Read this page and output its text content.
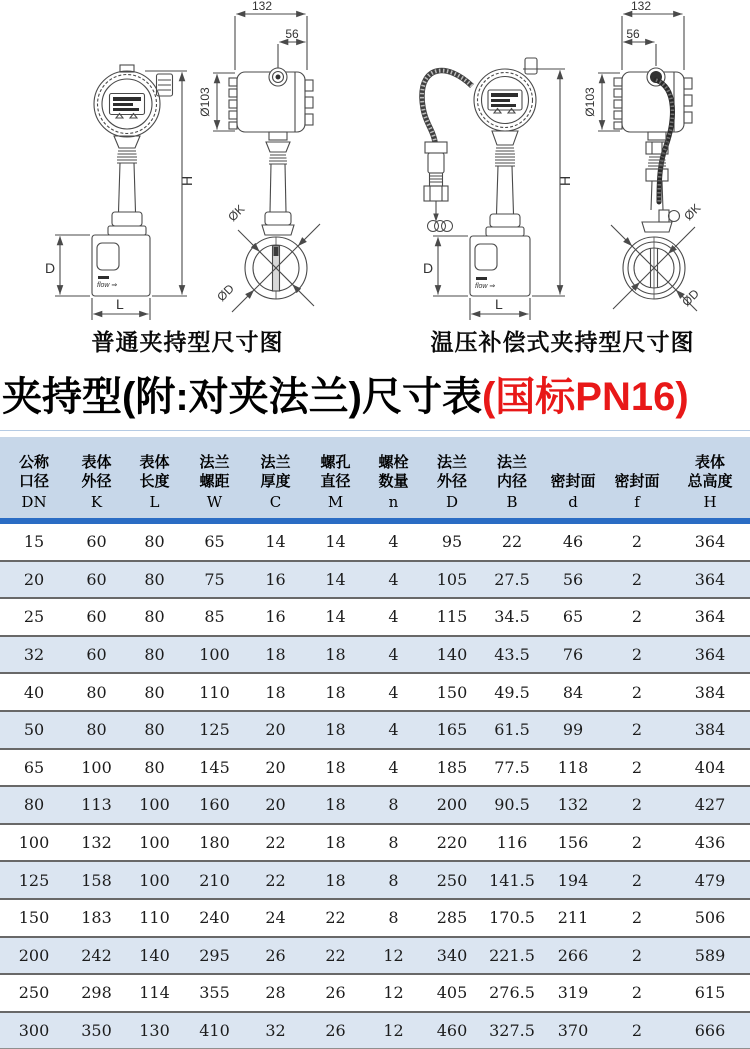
flow ⇒
D
L
H
132
56
Ø103
ØK
ØD
普通夹持型尺寸图
flow ⇒
D
L
H
132
56
Ø103
ØK
ØD
温压补偿式夹持型尺寸图
夹持型(附:对夹法兰)尺寸表(国标PN16)
公称
口径
DN

表体
外径
K

表体
长度
L

法兰
螺距
W

法兰
厚度
C

螺孔
直径
M

螺栓
数量
n

法兰
外径
D

法兰
内径
B

密封面
d

密封面
f

表体
总高度
H

15	60	80	65	14	14	4	95	22	46	2	364
20	60	80	75	16	14	4	105	27.5	56	2	364
25	60	80	85	16	14	4	115	34.5	65	2	364
32	60	80	100	18	18	4	140	43.5	76	2	364
40	80	80	110	18	18	4	150	49.5	84	2	384
50	80	80	125	20	18	4	165	61.5	99	2	384
65	100	80	145	20	18	4	185	77.5	118	2	404
80	113	100	160	20	18	8	200	90.5	132	2	427
100	132	100	180	22	18	8	220	116	156	2	436
125	158	100	210	22	18	8	250	141.5	194	2	479
150	183	110	240	24	22	8	285	170.5	211	2	506
200	242	140	295	26	22	12	340	221.5	266	2	589
250	298	114	355	28	26	12	405	276.5	319	2	615
300	350	130	410	32	26	12	460	327.5	370	2	666
